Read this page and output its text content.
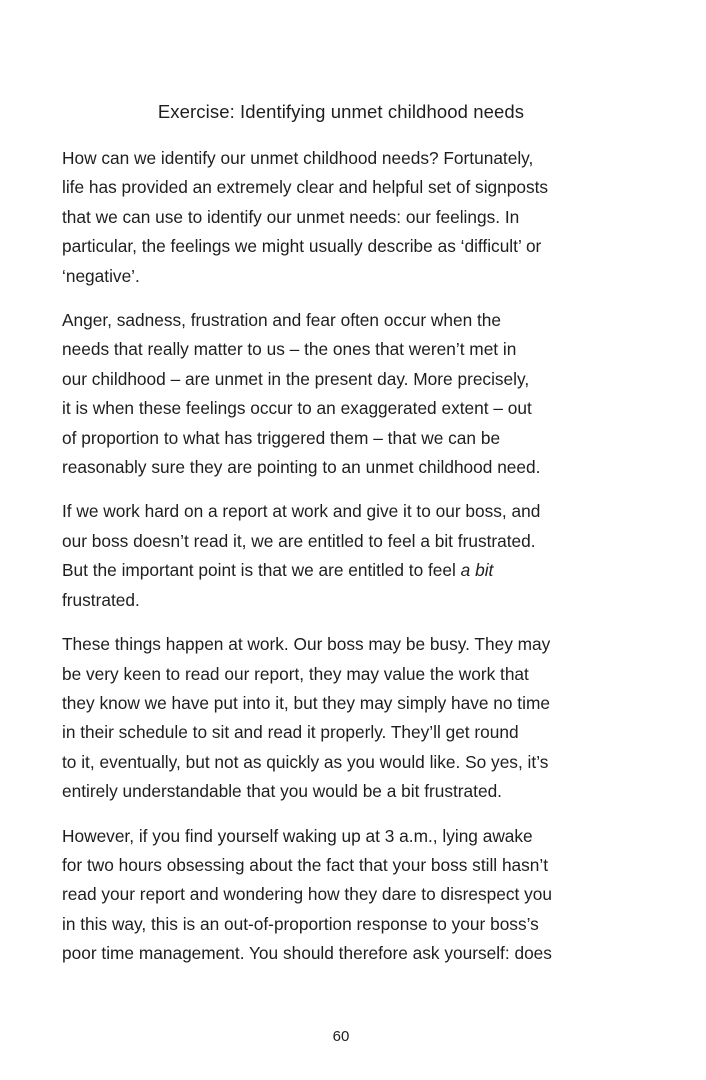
Exercise: Identifying unmet childhood needs

How can we identify our unmet childhood needs? Fortunately,
life has provided an extremely clear and helpful set of signposts
that we can use to identify our unmet needs: our feelings. In
particular, the feelings we might usually describe as ‘difficult’ or
‘negative’.

Anger, sadness, frustration and fear often occur when the
needs that really matter to us – the ones that weren’t met in
our childhood – are unmet in the present day. More precisely,
it is when these feelings occur to an exaggerated extent – out
of proportion to what has triggered them – that we can be
reasonably sure they are pointing to an unmet childhood need.

If we work hard on a report at work and give it to our boss, and
our boss doesn’t read it, we are entitled to feel a bit frustrated.
But the important point is that we are entitled to feel a bit
frustrated.

These things happen at work. Our boss may be busy. They may
be very keen to read our report, they may value the work that
they know we have put into it, but they may simply have no time
in their schedule to sit and read it properly. They’ll get round
to it, eventually, but not as quickly as you would like. So yes, it’s
entirely understandable that you would be a bit frustrated.

However, if you find yourself waking up at 3 a.m., lying awake
for two hours obsessing about the fact that your boss still hasn’t
read your report and wondering how they dare to disrespect you
in this way, this is an out-of-proportion response to your boss’s
poor time management. You should therefore ask yourself: does

60
